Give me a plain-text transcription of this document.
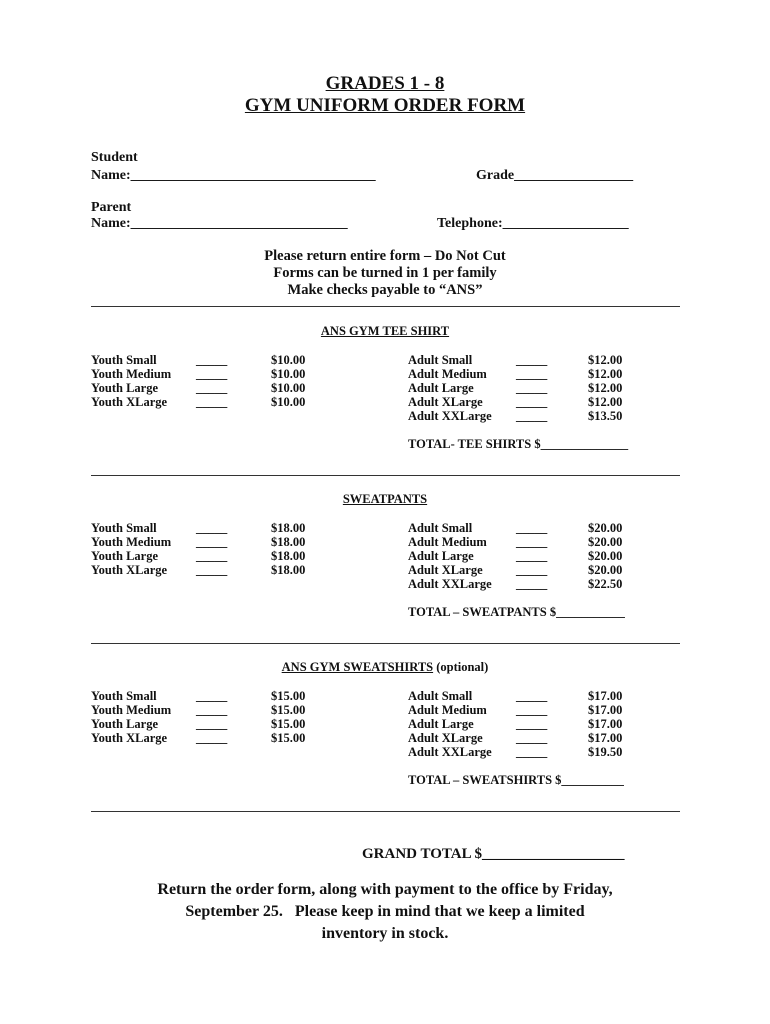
GRADES 1 - 8
GYM UNIFORM ORDER FORM
Student
Name:___________________________________	Grade_________________
Parent
Name:_______________________________	Telephone:__________________
Please return entire form – Do Not Cut
Forms can be turned in 1 per family
Make checks payable to “ANS”
ANS GYM TEE SHIRT
Youth Small	_____	$10.00
Youth Medium _____	$10.00
Youth Large	_____	$10.00
Youth XLarge _____	$10.00
Adult Small	_____	$12.00
Adult Medium _____	$12.00
Adult Large	_____	$12.00
Adult XLarge	_____	$12.00
Adult XXLarge _____	$13.50
TOTAL- TEE SHIRTS $______________
SWEATPANTS
Youth Small	_____	$18.00
Youth Medium _____	$18.00
Youth Large	_____	$18.00
Youth XLarge _____	$18.00
Adult Small	_____	$20.00
Adult Medium _____	$20.00
Adult Large	_____	$20.00
Adult XLarge	_____	$20.00
Adult XXLarge _____	$22.50
TOTAL – SWEATPANTS $___________
ANS GYM SWEATSHIRTS (optional)
Youth Small	_____	$15.00
Youth Medium _____	$15.00
Youth Large	_____	$15.00
Youth XLarge _____	$15.00
Adult Small	_____	$17.00
Adult Medium _____	$17.00
Adult Large	_____	$17.00
Adult XLarge	_____	$17.00
Adult XXLarge _____	$19.50
TOTAL – SWEATSHIRTS $__________
GRAND TOTAL $___________________
Return the order form, along with payment to the office by Friday,
September 25.   Please keep in mind that we keep a limited
inventory in stock.
